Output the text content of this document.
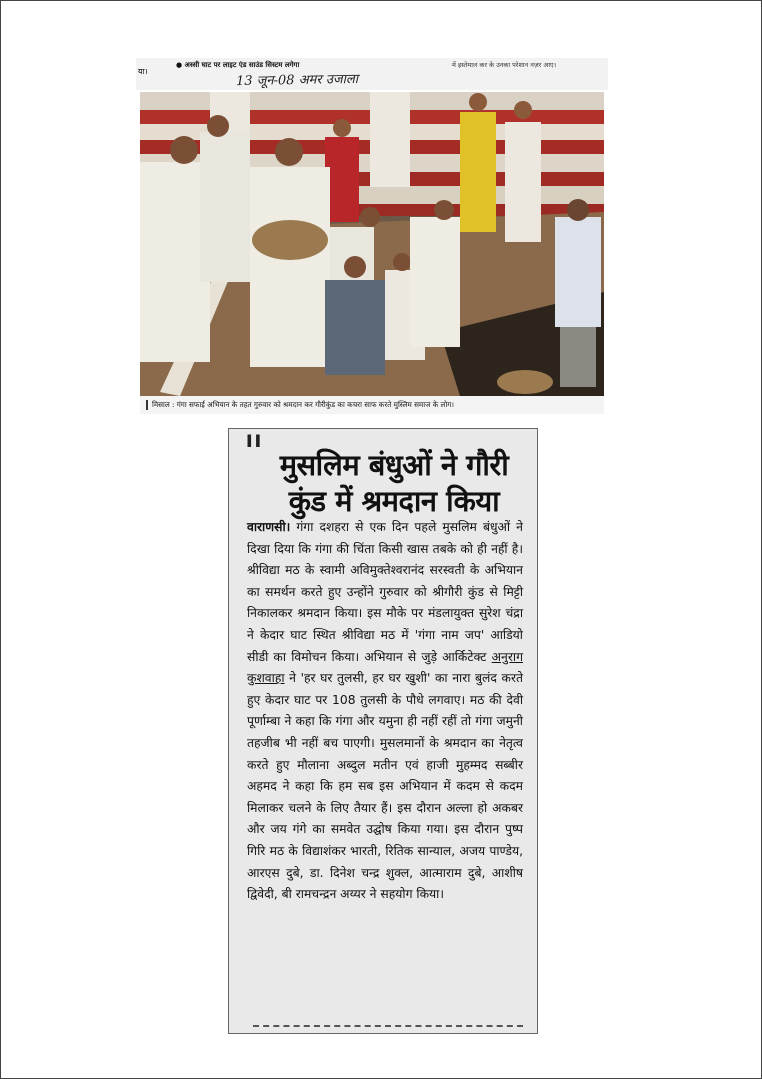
या।
● अस्सी घाट पर लाइट एंड साउंड सिस्टम लगेगा
13 जून-08 अमर उजाला
में इस्तेमाल कर के उनका परेशान नज़र आए।
मिसाल : गंगा सफाई अभियान के तहत गुरुवार को श्रमदान कर गौरीकुंड का कचरा साफ करते मुस्लिम समाज के लोग।
" मुसलिम बंधुओं ने गौरी कुंड में श्रमदान किया
वाराणसी। गंगा दशहरा से एक दिन पहले मुसलिम बंधुओं ने दिखा दिया कि गंगा की चिंता किसी खास तबके को ही नहीं है। श्रीविद्या मठ के स्वामी अविमुक्तेश्वरानंद सरस्वती के अभियान का समर्थन करते हुए उन्होंने गुरुवार को श्रीगौरी कुंड से मिट्टी निकालकर श्रमदान किया। इस मौके पर मंडलायुक्त सुरेश चंद्रा ने केदार घाट स्थित श्रीविद्या मठ में 'गंगा नाम जप' आडियो सीडी का विमोचन किया। अभियान से जुड़े आर्किटेक्ट अनुराग कुशवाहा ने 'हर घर तुलसी, हर घर खुशी' का नारा बुलंद करते हुए केदार घाट पर 108 तुलसी के पौधे लगवाए। मठ की देवी पूर्णाम्बा ने कहा कि गंगा और यमुना ही नहीं रहीं तो गंगा जमुनी तहजीब भी नहीं बच पाएगी। मुसलमानों के श्रमदान का नेतृत्व करते हुए मौलाना अब्दुल मतीन एवं हाजी मुहम्मद सब्बीर अहमद ने कहा कि हम सब इस अभियान में कदम से कदम मिलाकर चलने के लिए तैयार हैं। इस दौरान अल्ला हो अकबर और जय गंगे का समवेत उद्घोष किया गया। इस दौरान पुष्प गिरि मठ के विद्याशंकर भारती, रितिक सान्याल, अजय पाण्डेय, आरएस दुबे, डा. दिनेश चन्द्र शुक्ल, आत्माराम दुबे, आशीष द्विवेदी, बी रामचन्द्रन अय्यर ने सहयोग किया।
